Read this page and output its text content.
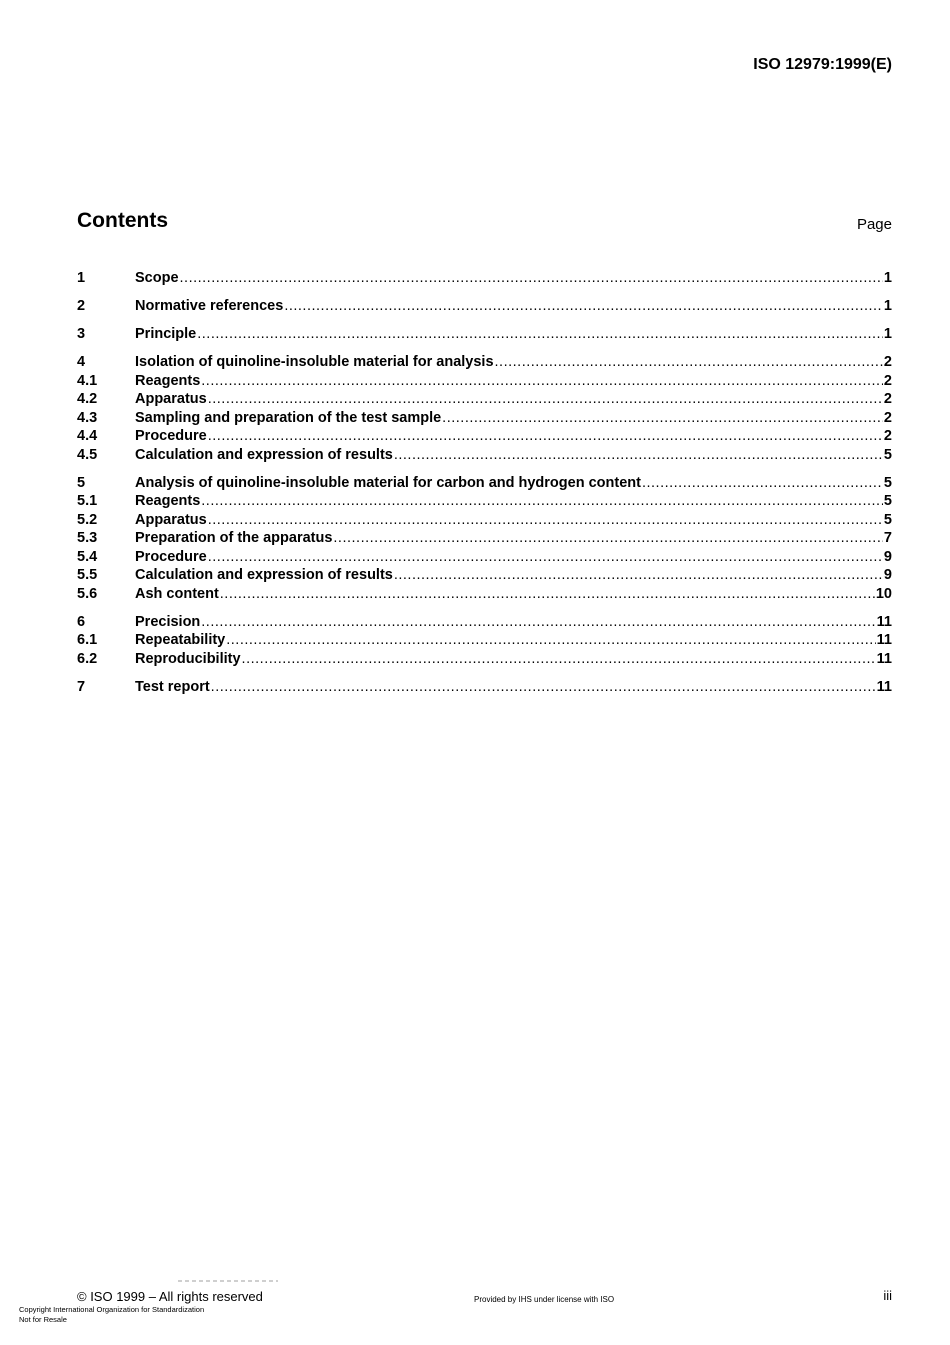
ISO 12979:1999(E)
Contents	Page
1	Scope .....	1
2	Normative references .....	1
3	Principle .....	1
4	Isolation of quinoline-insoluble material for analysis .....	2
4.1	Reagents .....	2
4.2	Apparatus .....	2
4.3	Sampling and preparation of the test sample .....	2
4.4	Procedure .....	2
4.5	Calculation and expression of results .....	5
5	Analysis of quinoline-insoluble material for carbon and hydrogen content .....	5
5.1	Reagents .....	5
5.2	Apparatus .....	5
5.3	Preparation of the apparatus .....	7
5.4	Procedure .....	9
5.5	Calculation and expression of results .....	9
5.6	Ash content .....	10
6	Precision .....	11
6.1	Repeatability .....	11
6.2	Reproducibility .....	11
7	Test report .....	11
© ISO 1999 – All rights reserved	Provided by IHS under license with ISO	iii
Copyright International Organization for Standardization
Not for Resale
